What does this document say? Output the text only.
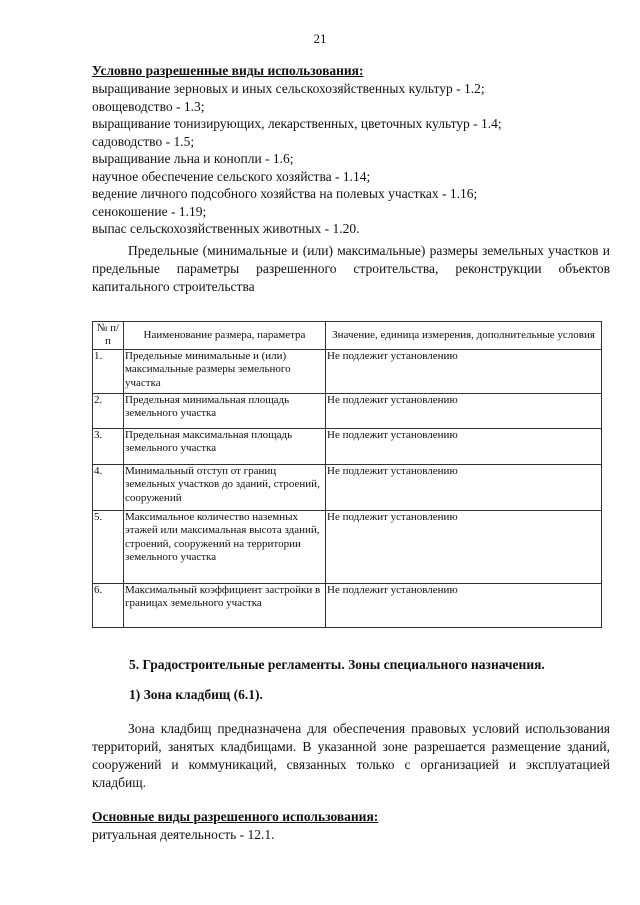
21
Условно разрешенные виды использования:
выращивание зерновых и иных сельскохозяйственных культур - 1.2;
овощеводство - 1.3;
выращивание тонизирующих, лекарственных, цветочных культур - 1.4;
садоводство - 1.5;
выращивание льна и конопли - 1.6;
научное обеспечение сельского хозяйства - 1.14;
ведение личного подсобного хозяйства на полевых участках - 1.16;
сенокошение - 1.19;
выпас сельскохозяйственных животных - 1.20.
Предельные (минимальные и (или) максимальные) размеры земельных участков и предельные параметры разрешенного строительства, реконструкции объектов капитального строительства
№ п/п	Наименование размера, параметра	Значение, единица измерения, дополнительные условия
1.	Предельные минимальные и (или) максимальные размеры земельного участка	Не подлежит установлению
2.	Предельная минимальная площадь земельного участка	Не подлежит установлению
3.	Предельная максимальная площадь земельного участка	Не подлежит установлению
4.	Минимальный отступ от границ земельных участков до зданий, строений, сооружений	Не подлежит установлению
5.	Максимальное количество наземных этажей или максимальная высота зданий, строений, сооружений на территории земельного участка	Не подлежит установлению
6.	Максимальный коэффициент застройки в границах земельного участка	Не подлежит установлению
5. Градостроительные регламенты. Зоны специального назначения.
1) Зона кладбищ (6.1).
Зона кладбищ предназначена для обеспечения правовых условий использования территорий, занятых кладбищами. В указанной зоне разрешается размещение зданий, сооружений и коммуникаций, связанных только с организацией и эксплуатацией кладбищ.
Основные виды разрешенного использования:
ритуальная деятельность - 12.1.
